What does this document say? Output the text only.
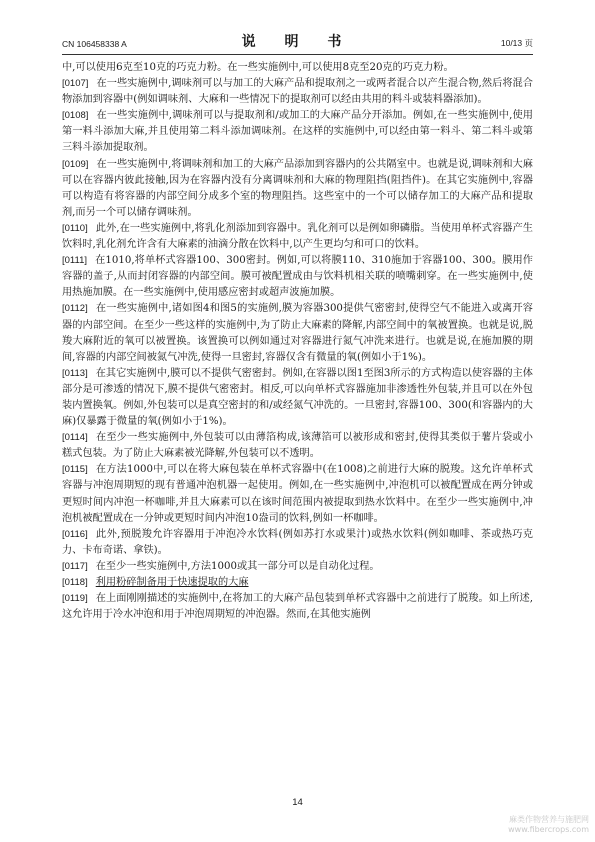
CN 106458338 A	说 明 书	10/13 页

中,可以使用6克至10克的巧克力粉。在一些实施例中,可以使用8克至20克的巧克力粉。

[0107] 在一些实施例中,调味剂可以与加工的大麻产品和提取剂之一或两者混合以产生混合物,然后将混合物添加到容器中(例如调味剂、大麻和一些情况下的提取剂可以经由共用的料斗或装料器添加)。

[0108] 在一些实施例中,调味剂可以与提取剂和/或加工的大麻产品分开添加。例如,在一些实施例中,使用第一料斗添加大麻,并且使用第二料斗添加调味剂。在这样的实施例中,可以经由第一料斗、第二料斗或第三料斗添加提取剂。

[0109] 在一些实施例中,将调味剂和加工的大麻产品添加到容器内的公共隔室中。也就是说,调味剂和大麻可以在容器内彼此接触,因为在容器内没有分离调味剂和大麻的物理阻挡(阻挡件)。在其它实施例中,容器可以构造有将容器的内部空间分成多个室的物理阻挡。这些室中的一个可以储存加工的大麻产品和提取剂,而另一个可以储存调味剂。

[0110] 此外,在一些实施例中,将乳化剂添加到容器中。乳化剂可以是例如卵磷脂。当使用单杯式容器产生饮料时,乳化剂允许含有大麻素的油滴分散在饮料中,以产生更均匀和可口的饮料。

[0111] 在1010,将单杯式容器100、300密封。例如,可以将膜110、310施加于容器100、300。膜用作容器的盖子,从而封闭容器的内部空间。膜可被配置成由与饮料机相关联的喷嘴刺穿。在一些实施例中,使用热施加膜。在一些实施例中,使用感应密封或超声波施加膜。

[0112] 在一些实施例中,诸如图4和图5的实施例,膜为容器300提供气密密封,使得空气不能进入或离开容器的内部空间。在至少一些这样的实施例中,为了防止大麻素的降解,内部空间中的氧被置换。也就是说,脱羧大麻附近的氧可以被置换。该置换可以例如通过对容器进行氮气冲洗来进行。也就是说,在施加膜的期间,容器的内部空间被氮气冲洗,使得一旦密封,容器仅含有微量的氧(例如小于1%)。

[0113] 在其它实施例中,膜可以不提供气密密封。例如,在容器以图1至图3所示的方式构造以使容器的主体部分是可渗透的情况下,膜不提供气密密封。相反,可以向单杯式容器施加非渗透性外包装,并且可以在外包装内置换氧。例如,外包装可以是真空密封的和/或经氮气冲洗的。一旦密封,容器100、300(和容器内的大麻)仅暴露于微量的氧(例如小于1%)。

[0114] 在至少一些实施例中,外包装可以由薄箔构成,该薄箔可以被形成和密封,使得其类似于薯片袋或小糕式包装。为了防止大麻素被光降解,外包装可以不透明。

[0115] 在方法1000中,可以在将大麻包装在单杯式容器中(在1008)之前进行大麻的脱羧。这允许单杯式容器与冲泡周期短的现有普通冲泡机器一起使用。例如,在一些实施例中,冲泡机可以被配置成在两分钟或更短时间内冲泡一杯咖啡,并且大麻素可以在该时间范围内被提取到热水饮料中。在至少一些实施例中,冲泡机被配置成在一分钟或更短时间内冲泡10盎司的饮料,例如一杯咖啡。

[0116] 此外,预脱羧允许容器用于冲泡冷水饮料(例如苏打水或果汁)或热水饮料(例如咖啡、茶或热巧克力、卡布奇诺、拿铁)。

[0117] 在至少一些实施例中,方法1000或其一部分可以是自动化过程。

[0118] 利用粉碎制备用于快速提取的大麻

[0119] 在上面刚刚描述的实施例中,在将加工的大麻产品包装到单杯式容器中之前进行了脱羧。如上所述,这允许用于冷水冲泡和用于冲泡周期短的冲泡器。然而,在其他实施例

14
麻类作物营养与施肥网
www.fibercrops.com
